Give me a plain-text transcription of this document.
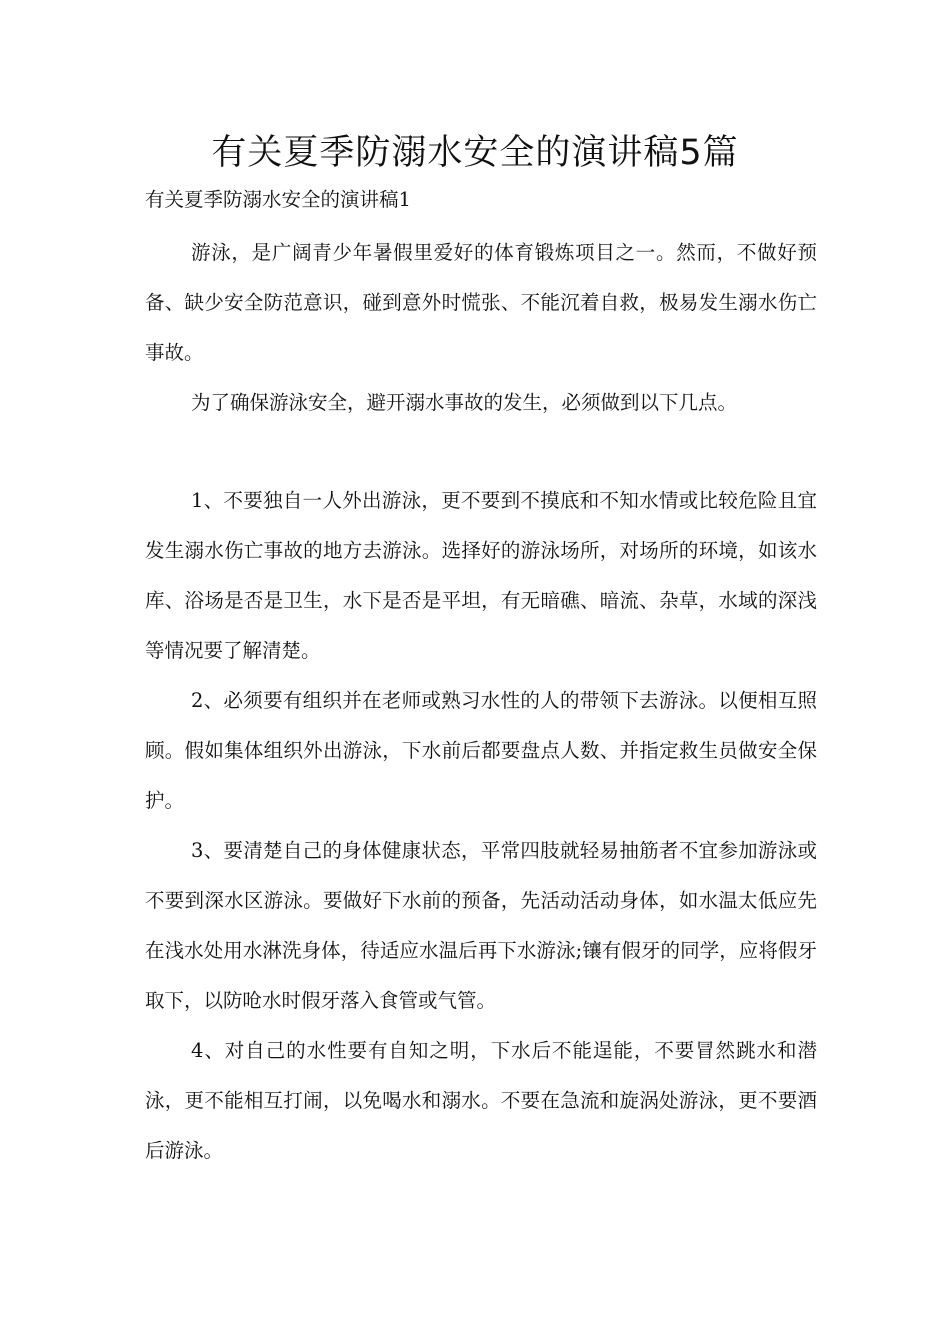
有关夏季防溺水安全的演讲稿5篇

有关夏季防溺水安全的演讲稿1

游泳，是广阔青少年暑假里爱好的体育锻炼项目之一。然而，不做好预备、缺少安全防范意识，碰到意外时慌张、不能沉着自救，极易发生溺水伤亡事故。

为了确保游泳安全，避开溺水事故的发生，必须做到以下几点。

1、不要独自一人外出游泳，更不要到不摸底和不知水情或比较危险且宜发生溺水伤亡事故的地方去游泳。选择好的游泳场所，对场所的环境，如该水库、浴场是否是卫生，水下是否是平坦，有无暗礁、暗流、杂草，水域的深浅等情况要了解清楚。

2、必须要有组织并在老师或熟习水性的人的带领下去游泳。以便相互照顾。假如集体组织外出游泳，下水前后都要盘点人数、并指定救生员做安全保护。

3、要清楚自己的身体健康状态，平常四肢就轻易抽筋者不宜参加游泳或不要到深水区游泳。要做好下水前的预备，先活动活动身体，如水温太低应先在浅水处用水淋洗身体，待适应水温后再下水游泳;镶有假牙的同学，应将假牙取下，以防呛水时假牙落入食管或气管。

4、对自己的水性要有自知之明，下水后不能逞能，不要冒然跳水和潜泳，更不能相互打闹，以免喝水和溺水。不要在急流和旋涡处游泳，更不要酒后游泳。
